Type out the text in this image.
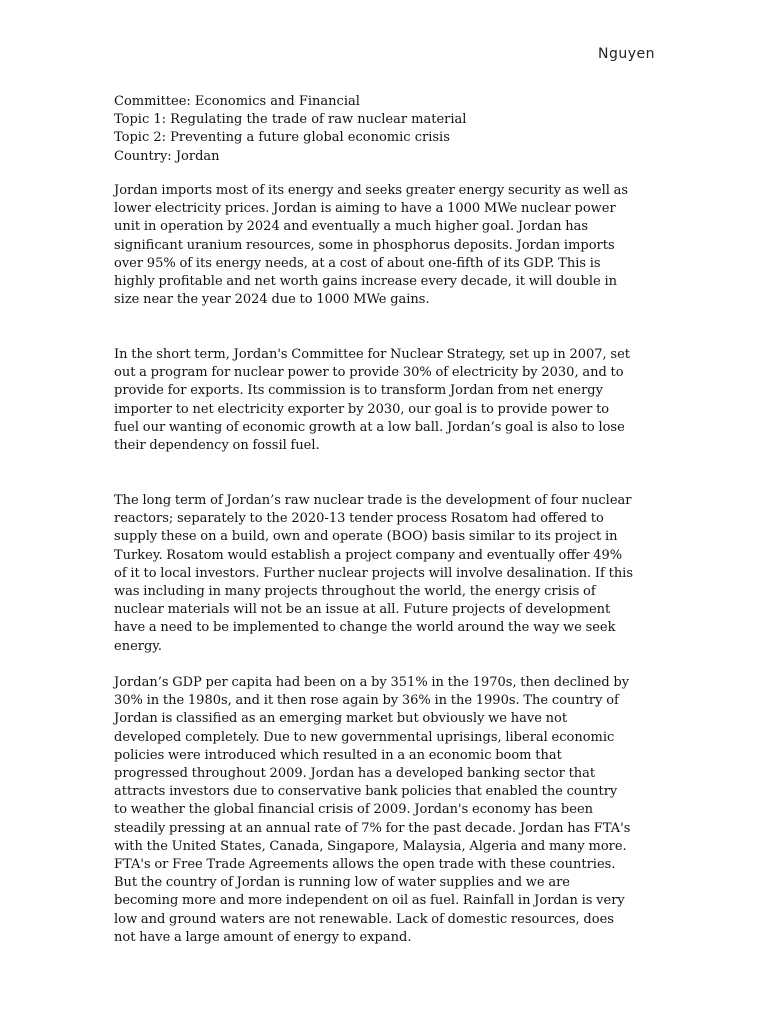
Nguyen
Committee: Economics and Financial
Topic 1: Regulating the trade of raw nuclear material
Topic 2: Preventing a future global economic crisis
Country: Jordan

Jordan imports most of its energy and seeks greater energy security as well as lower electricity prices. Jordan is aiming to have a 1000 MWe nuclear power unit in operation by 2024 and eventually a much higher goal. Jordan has significant uranium resources, some in phosphorus deposits. Jordan imports over 95% of its energy needs, at a cost of about one-fifth of its GDP. This is highly profitable and net worth gains increase every decade, it will double in size near the year 2024 due to 1000 MWe gains.

In the short term, Jordan's Committee for Nuclear Strategy, set up in 2007, set out a program for nuclear power to provide 30% of electricity by 2030, and to provide for exports. Its commission is to transform Jordan from net energy importer to net electricity exporter by 2030, our goal is to provide power to fuel our wanting of economic growth at a low ball. Jordan’s goal is also to lose their dependency on fossil fuel.

The long term of Jordan’s raw nuclear trade is the development of four nuclear reactors; separately to the 2020-13 tender process Rosatom had offered to supply these on a build, own and operate (BOO) basis similar to its project in Turkey. Rosatom would establish a project company and eventually offer 49% of it to local investors. Further nuclear projects will involve desalination. If this was including in many projects throughout the world, the energy crisis of nuclear materials will not be an issue at all. Future projects of development have a need to be implemented to change the world around the way we seek energy.

Jordan’s GDP per capita had been on a by 351% in the 1970s, then declined by 30% in the 1980s, and it then rose again by 36% in the 1990s. The country of Jordan is classified as an emerging market but obviously we have not developed completely. Due to new governmental uprisings, liberal economic policies were introduced which resulted in a an economic boom that progressed throughout 2009. Jordan has a developed banking sector that attracts investors due to conservative bank policies that enabled the country to weather the global financial crisis of 2009. Jordan's economy has been steadily pressing at an annual rate of 7% for the past decade. Jordan has FTA's with the United States, Canada, Singapore, Malaysia, Algeria and many more. FTA's or Free Trade Agreements allows the open trade with these countries. But the country of Jordan is running low of water supplies and we are becoming more and more independent on oil as fuel. Rainfall in Jordan is very low and ground waters are not renewable. Lack of domestic resources, does not have a large amount of energy to expand.
